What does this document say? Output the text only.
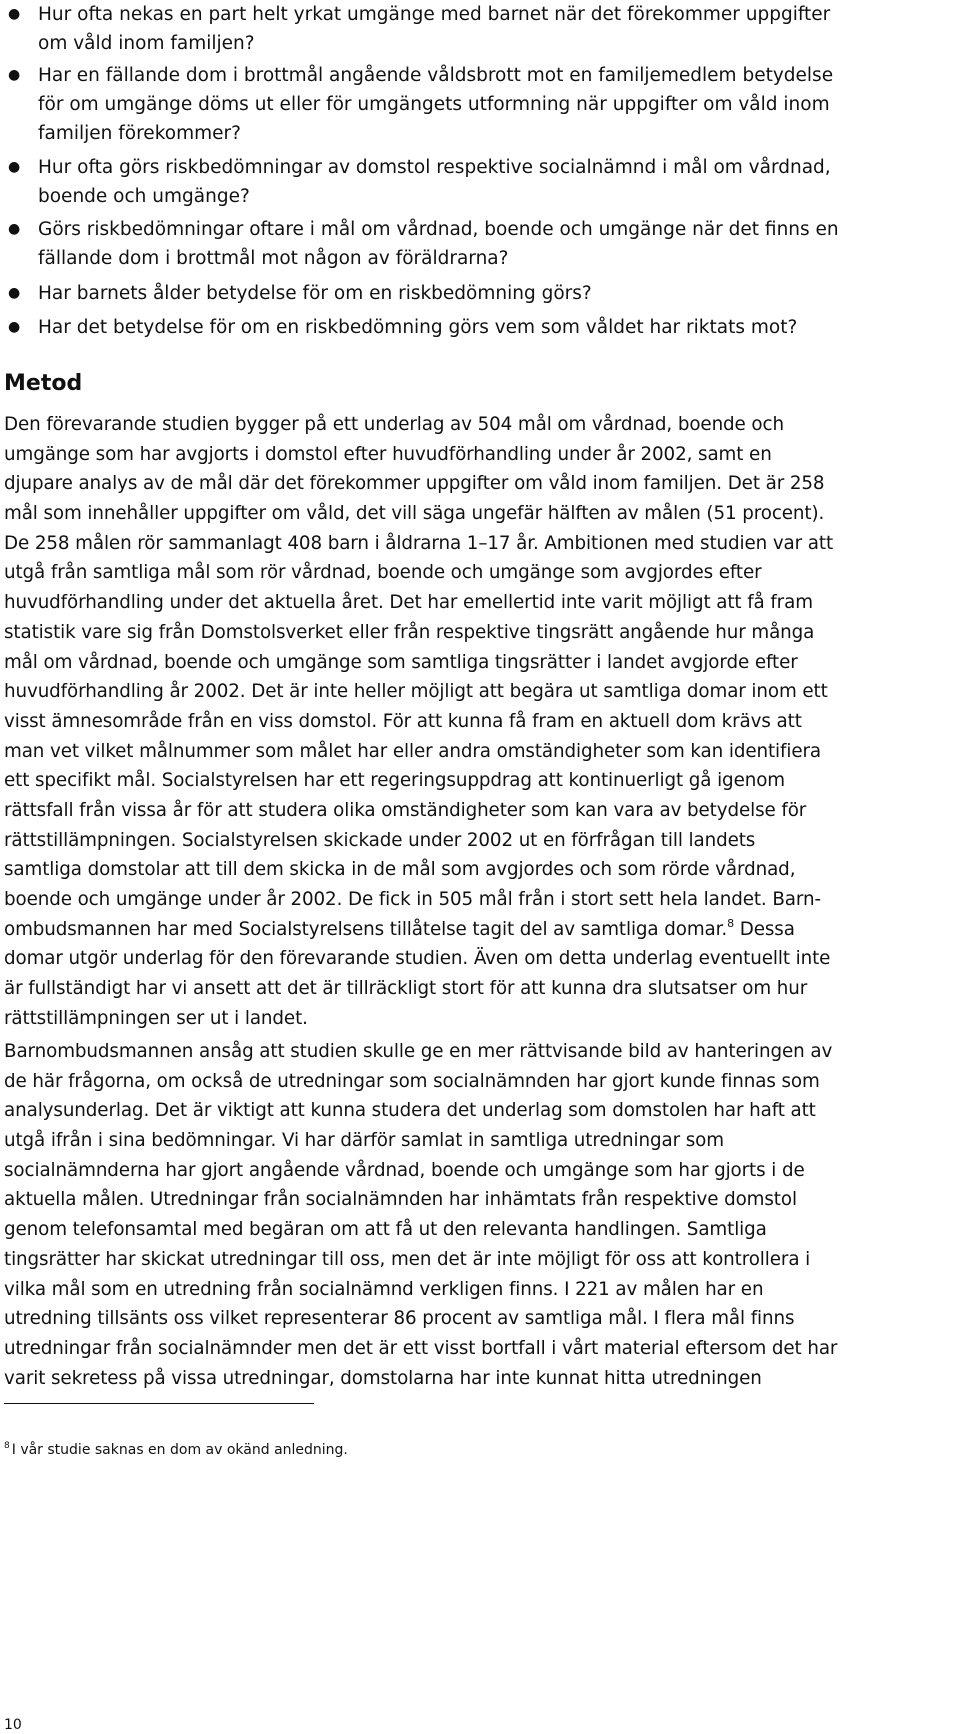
● Hur ofta nekas en part helt yrkat umgänge med barnet när det förekommer uppgifter
om våld inom familjen?
● Har en fällande dom i brottmål angående våldsbrott mot en familjemedlem betydelse
för om umgänge döms ut eller för umgängets utformning när uppgifter om våld inom
familjen förekommer?
● Hur ofta görs riskbedömningar av domstol respektive socialnämnd i mål om vårdnad,
boende och umgänge?
● Görs riskbedömningar oftare i mål om vårdnad, boende och umgänge när det finns en
fällande dom i brottmål mot någon av föräldrarna?
● Har barnets ålder betydelse för om en riskbedömning görs?
● Har det betydelse för om en riskbedömning görs vem som våldet har riktats mot?
Metod
Den förevarande studien bygger på ett underlag av 504 mål om vårdnad, boende och
umgänge som har avgjorts i domstol efter huvudförhandling under år 2002, samt en
djupare analys av de mål där det förekommer uppgifter om våld inom familjen. Det är 258
mål som innehåller uppgifter om våld, det vill säga ungefär hälften av målen (51 procent).
De 258 målen rör sammanlagt 408 barn i åldrarna 1–17 år. Ambitionen med studien var att
utgå från samtliga mål som rör vårdnad, boende och umgänge som avgjordes efter
huvudförhandling under det aktuella året. Det har emellertid inte varit möjligt att få fram
statistik vare sig från Domstolsverket eller från respektive tingsrätt angående hur många
mål om vårdnad, boende och umgänge som samtliga tingsrätter i landet avgjorde efter
huvudförhandling år 2002. Det är inte heller möjligt att begära ut samtliga domar inom ett
visst ämnesområde från en viss domstol. För att kunna få fram en aktuell dom krävs att
man vet vilket målnummer som målet har eller andra omständigheter som kan identifiera
ett specifikt mål. Socialstyrelsen har ett regeringsuppdrag att kontinuerligt gå igenom
rättsfall från vissa år för att studera olika omständigheter som kan vara av betydelse för
rättstillämpningen. Socialstyrelsen skickade under 2002 ut en förfrågan till landets
samtliga domstolar att till dem skicka in de mål som avgjordes och som rörde vårdnad,
boende och umgänge under år 2002. De fick in 505 mål från i stort sett hela landet. Barn-
ombudsmannen har med Socialstyrelsens tillåtelse tagit del av samtliga domar.$^8$ Dessa
domar utgör underlag för den förevarande studien. Även om detta underlag eventuellt inte
är fullständigt har vi ansett att det är tillräckligt stort för att kunna dra slutsatser om hur
rättstillämpningen ser ut i landet.
Barnombudsmannen ansåg att studien skulle ge en mer rättvisande bild av hanteringen av
de här frågorna, om också de utredningar som socialnämnden har gjort kunde finnas som
analysunderlag. Det är viktigt att kunna studera det underlag som domstolen har haft att
utgå ifrån i sina bedömningar. Vi har därför samlat in samtliga utredningar som
socialnämnderna har gjort angående vårdnad, boende och umgänge som har gjorts i de
aktuella målen. Utredningar från socialnämnden har inhämtats från respektive domstol
genom telefonsamtal med begäran om att få ut den relevanta handlingen. Samtliga
tingsrätter har skickat utredningar till oss, men det är inte möjligt för oss att kontrollera i
vilka mål som en utredning från socialnämnd verkligen finns. I 221 av målen har en
utredning tillsänts oss vilket representerar 86 procent av samtliga mål. I flera mål finns
utredningar från socialnämnder men det är ett visst bortfall i vårt material eftersom det har
varit sekretess på vissa utredningar, domstolarna har inte kunnat hitta utredningen
$^8$ I vår studie saknas en dom av okänd anledning.
10
